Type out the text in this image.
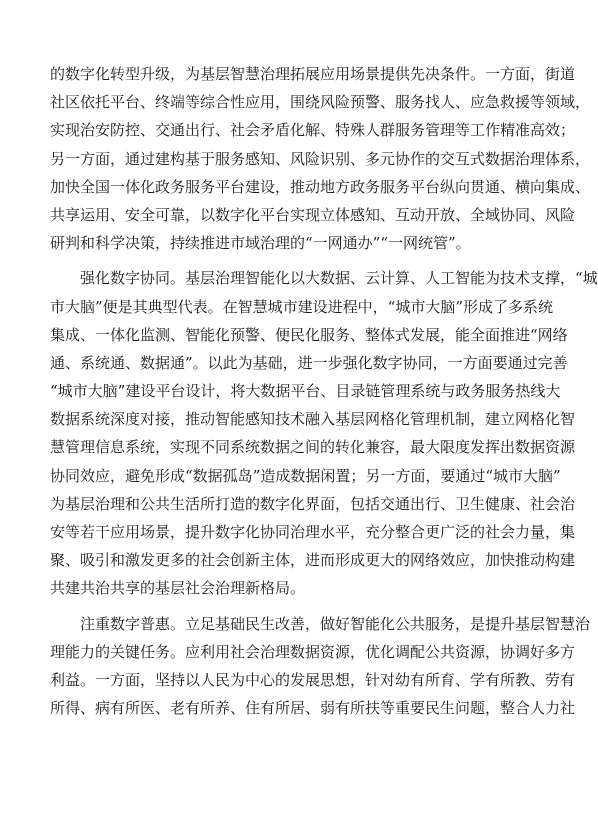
的数字化转型升级，为基层智慧治理拓展应用场景提供先决条件。一方面，街道
社区依托平台、终端等综合性应用，围绕风险预警、服务找人、应急救援等领域，
实现治安防控、交通出行、社会矛盾化解、特殊人群服务管理等工作精准高效；
另一方面，通过建构基于服务感知、风险识别、多元协作的交互式数据治理体系，
加快全国一体化政务服务平台建设，推动地方政务服务平台纵向贯通、横向集成、
共享运用、安全可靠，以数字化平台实现立体感知、互动开放、全域协同、风险
研判和科学决策，持续推进市域治理的“一网通办”“一网统管”。
　　强化数字协同。基层治理智能化以大数据、云计算、人工智能为技术支撑，“城
市大脑”便是其典型代表。在智慧城市建设进程中，“城市大脑”形成了多系统
集成、一体化监测、智能化预警、便民化服务、整体式发展，能全面推进“网络
通、系统通、数据通”。以此为基础，进一步强化数字协同，一方面要通过完善
“城市大脑”建设平台设计，将大数据平台、目录链管理系统与政务服务热线大
数据系统深度对接，推动智能感知技术融入基层网格化管理机制，建立网格化智
慧管理信息系统，实现不同系统数据之间的转化兼容，最大限度发挥出数据资源
协同效应，避免形成“数据孤岛”造成数据闲置；另一方面，要通过“城市大脑”
为基层治理和公共生活所打造的数字化界面，包括交通出行、卫生健康、社会治
安等若干应用场景，提升数字化协同治理水平，充分整合更广泛的社会力量，集
聚、吸引和激发更多的社会创新主体，进而形成更大的网络效应，加快推动构建
共建共治共享的基层社会治理新格局。
　　注重数字普惠。立足基础民生改善，做好智能化公共服务，是提升基层智慧治
理能力的关键任务。应利用社会治理数据资源，优化调配公共资源，协调好多方
利益。一方面，坚持以人民为中心的发展思想，针对幼有所育、学有所教、劳有
所得、病有所医、老有所养、住有所居、弱有所扶等重要民生问题，整合人力社
